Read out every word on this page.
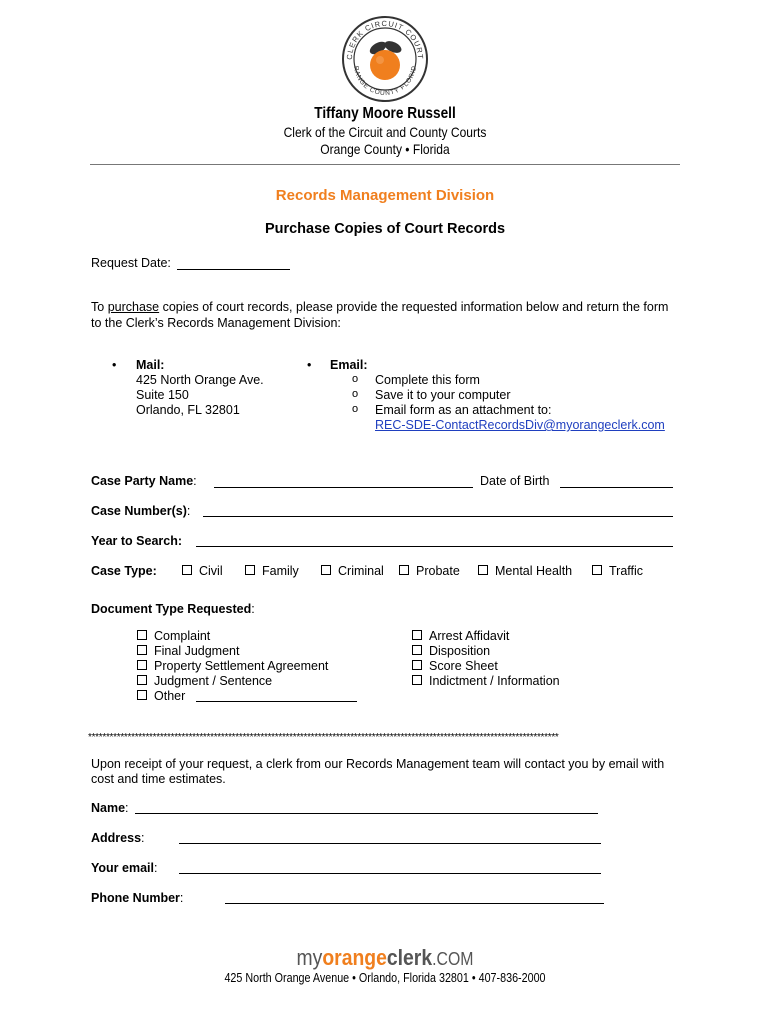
CLERK CIRCUIT COURT
RANGE COUNTY FLORID
Tiffany Moore Russell
Clerk of the Circuit and County Courts
Orange County • Florida
Records Management Division
Purchase Copies of Court Records
Request Date:
To purchase copies of court records, please provide the requested information below and return the form
to the Clerk’s Records Management Division:
• Mail:
425 North Orange Ave.
Suite 150
Orlando, FL 32801
• Email:
o Complete this form
o Save it to your computer
o Email form as an attachment to:
REC-SDE-ContactRecordsDiv@myorangeclerk.com
Case Party Name:	Date of Birth
Case Number(s):
Year to Search:
Case Type:	Civil	Family	Criminal	Probate	Mental Health	Traffic
Document Type Requested:
Complaint
Final Judgment
Property Settlement Agreement
Judgment / Sentence
Other
Arrest Affidavit
Disposition
Score Sheet
Indictment / Information
***********************************************************************************************************************************
Upon receipt of your request, a clerk from our Records Management team will contact you by email with
cost and time estimates.
Name:
Address:
Your email:
Phone Number:
myorangeclerk.COM
425 North Orange Avenue • Orlando, Florida 32801 • 407-836-2000
